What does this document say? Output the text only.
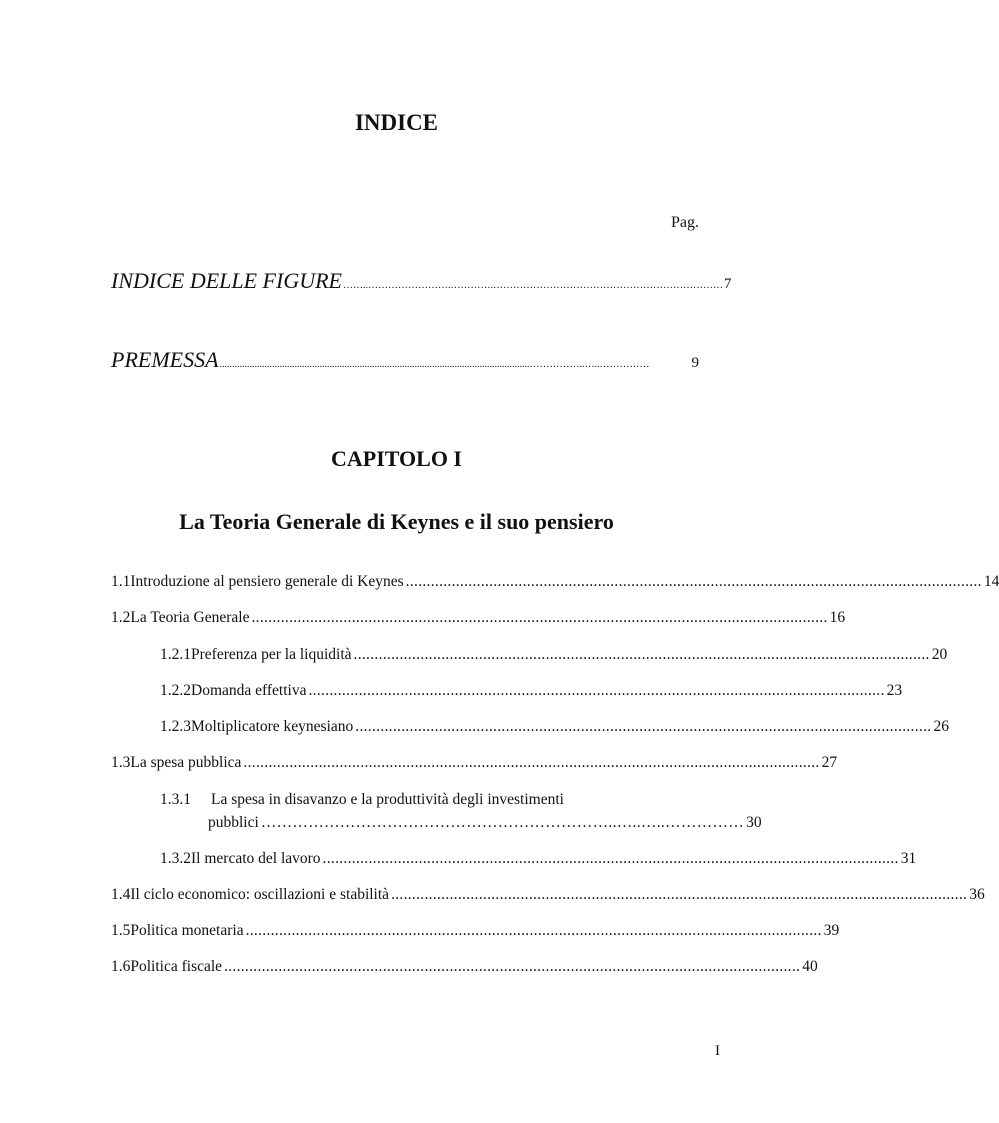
INDICE
Pag.
INDICE DELLE FIGURE ……..…………………….………….…………………………………………………………… 7
PREMESSA ............................................................................................................................……………..…..……………	9
CAPITOLO I
La Teoria Generale di Keynes e il suo pensiero
1.1 Introduzione al pensiero generale di Keynes .......................................................................................................................................... 14
1.2 La Teoria Generale .......................................................................................................................................... 16
1.2.1 Preferenza per la liquidità .......................................................................................................................................... 20
1.2.2 Domanda effettiva .......................................................................................................................................... 23
1.2.3 Moltiplicatore keynesiano .......................................................................................................................................... 26
1.3 La spesa pubblica .......................................................................................................................................... 27
1.3.1 La spesa in disavanzo e la produttività degli investimenti
pubblici …………………………………………………………..…..…..…………… 30
1.3.2 Il mercato del lavoro .......................................................................................................................................... 31
1.4 Il ciclo economico: oscillazioni e stabilità .......................................................................................................................................... 36
1.5 Politica monetaria .......................................................................................................................................... 39
1.6 Politica fiscale .......................................................................................................................................... 40
I
